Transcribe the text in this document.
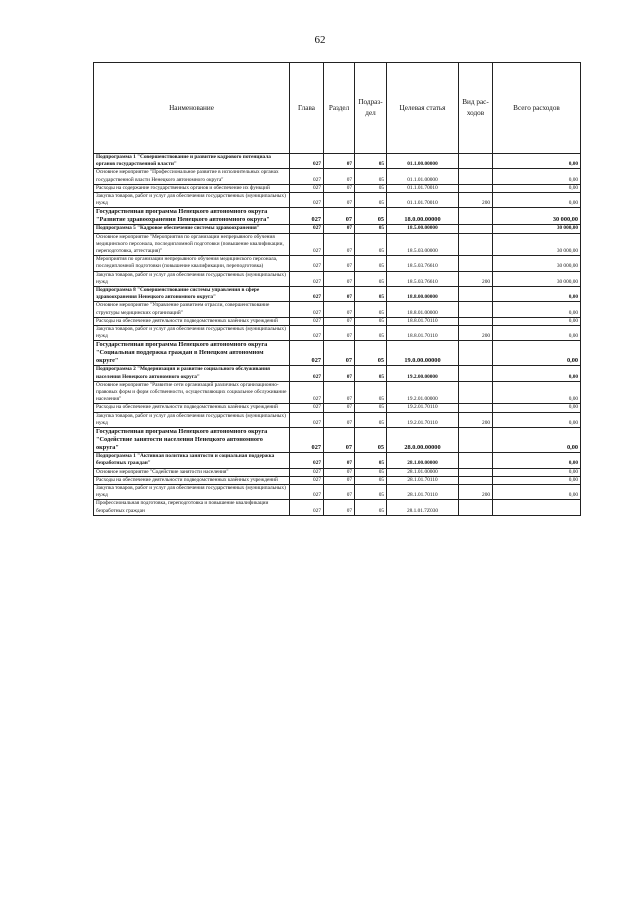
62
Наименование	Глава	Раздел	Подраз-дел	Целевая статья	Вид рас-ходов	Всего расходов
Подпрограмма 1 "Совершенствование и развитие кадрового потенциала органов государственной власти"	027	07	05	01.1.00.00000		0,00
Основное мероприятие "Профессиональное развитие в исполнительных органах государственной власти Ненецкого автономного округа"	027	07	05	01.1.01.00000		0,00
Расходы на содержание государственных органов и обеспечение их функций	027	07	05	01.1.01.70010		0,00
Закупка товаров, работ и услуг для обеспечения государственных (муниципальных) нужд	027	07	05	01.1.01.70010	200	0,00
Государственная программа Ненецкого автономного округа "Развитие здравоохранения Ненецкого автономного округа"	027	07	05	18.0.00.00000		30 000,00
Подпрограмма 5 "Кадровое обеспечение системы здравоохранения"	027	07	05	18.5.00.00000		30 000,00
Основное мероприятие "Мероприятия по организации непрерывного обучения медицинского персонала, последипломной подготовки (повышение квалификации, переподготовка, аттестация)"	027	07	05	18.5.03.00000		30 000,00
Мероприятия по организации непрерывного обучения медицинского персонала, последипломной подготовки (повышение квалификации, переподготовка)	027	07	05	18.5.03.76610		30 000,00
Закупка товаров, работ и услуг для обеспечения государственных (муниципальных) нужд	027	07	05	18.5.03.76610	200	30 000,00
Подпрограмма 8 "Совершенствование системы управления в сфере здравоохранения Ненецкого автономного округа"	027	07	05	18.8.00.00000		0,00
Основное мероприятие "Управление развитием отрасли, совершенствование структуры медицинских организаций"	027	07	05	18.8.01.00000		0,00
Расходы на обеспечение деятельности подведомственных казённых учреждений	027	07	05	18.8.01.70110		0,00
Закупка товаров, работ и услуг для обеспечения государственных (муниципальных) нужд	027	07	05	18.8.01.70110	200	0,00
Государственная программа Ненецкого автономного округа "Социальная поддержка граждан в Ненецком автономном округе"	027	07	05	19.0.00.00000		0,00
Подпрограмма 2 "Модернизация и развитие социального обслуживания населения Ненецкого автономного округа"	027	07	05	19.2.00.00000		0,00
Основное мероприятие "Развитие сети организаций различных организационно-правовых форм и форм собственности, осуществляющих социальное обслуживание населения"	027	07	05	19.2.01.00000		0,00
Расходы на обеспечение деятельности подведомственных казённых учреждений	027	07	05	19.2.01.70110		0,00
Закупка товаров, работ и услуг для обеспечения государственных (муниципальных) нужд	027	07	05	19.2.01.70110	200	0,00
Государственная программа Ненецкого автономного округа "Содействие занятости населения Ненецкого автономного округа"	027	07	05	28.0.00.00000		0,00
Подпрограмма 1 "Активная политика занятости и социальная поддержка безработных граждан"	027	07	05	28.1.00.00000		0,00
Основное мероприятие "Содействие занятости населения"	027	07	05	28.1.01.00000		0,00
Расходы на обеспечение деятельности подведомственных казённых учреждений	027	07	05	28.1.01.70110		0,00
Закупка товаров, работ и услуг для обеспечения государственных (муниципальных) нужд	027	07	05	28.1.01.70110	200	0,00
Профессиональная подготовка, переподготовка и повышение квалификации безработных граждан	027	07	05	28.1.01.7Z030		
